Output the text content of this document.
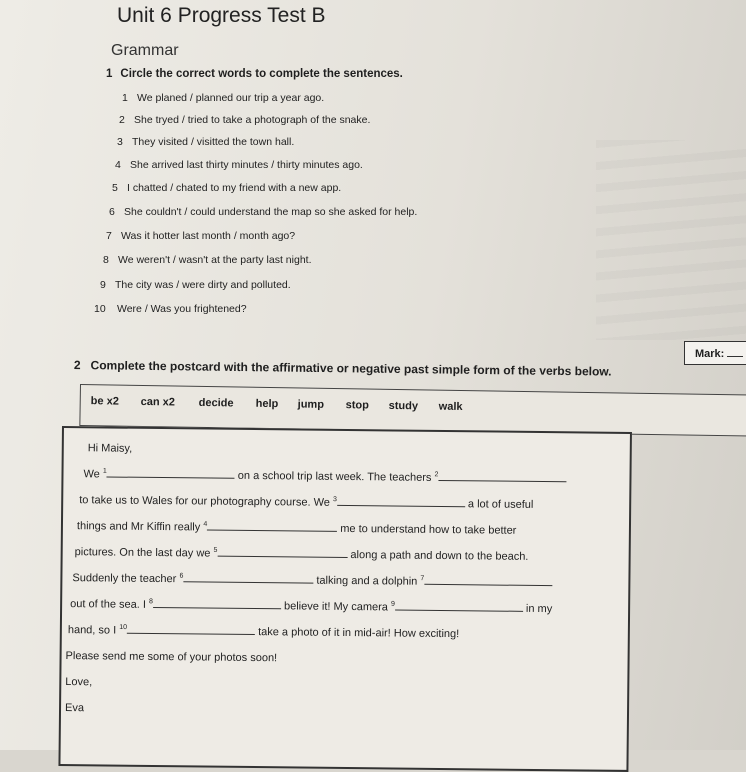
Unit 6 Progress Test B
Grammar
1 Circle the correct words to complete the sentences.
1 We planed / planned our trip a year ago.
2 She tryed / tried to take a photograph of the snake.
3 They visited / visitted the town hall.
4 She arrived last thirty minutes / thirty minutes ago.
5 I chatted / chated to my friend with a new app.
6 She couldn't / could understand the map so she asked for help.
7 Was it hotter last month / month ago?
8 We weren't / wasn't at the party last night.
9 The city was / were dirty and polluted.
10 Were / Was you frightened?
Mark:
2 Complete the postcard with the affirmative or negative past simple form of the verbs below.
be x2 can x2 decide help jump stop study walk
Hi Maisy,
We $^1$	on a school trip last week. The teachers $^2$
to take us to Wales for our photography course. We $^3$	a lot of useful
things and Mr Kiffin really $^4$	me to understand how to take better
pictures. On the last day we $^5$	along a path and down to the beach.
Suddenly the teacher $^6$	talking and a dolphin $^7$
out of the sea. I $^8$	believe it! My camera $^9$	in my
hand, so I $^{10}$	take a photo of it in mid-air! How exciting!
Please send me some of your photos soon!
Love,
Eva
